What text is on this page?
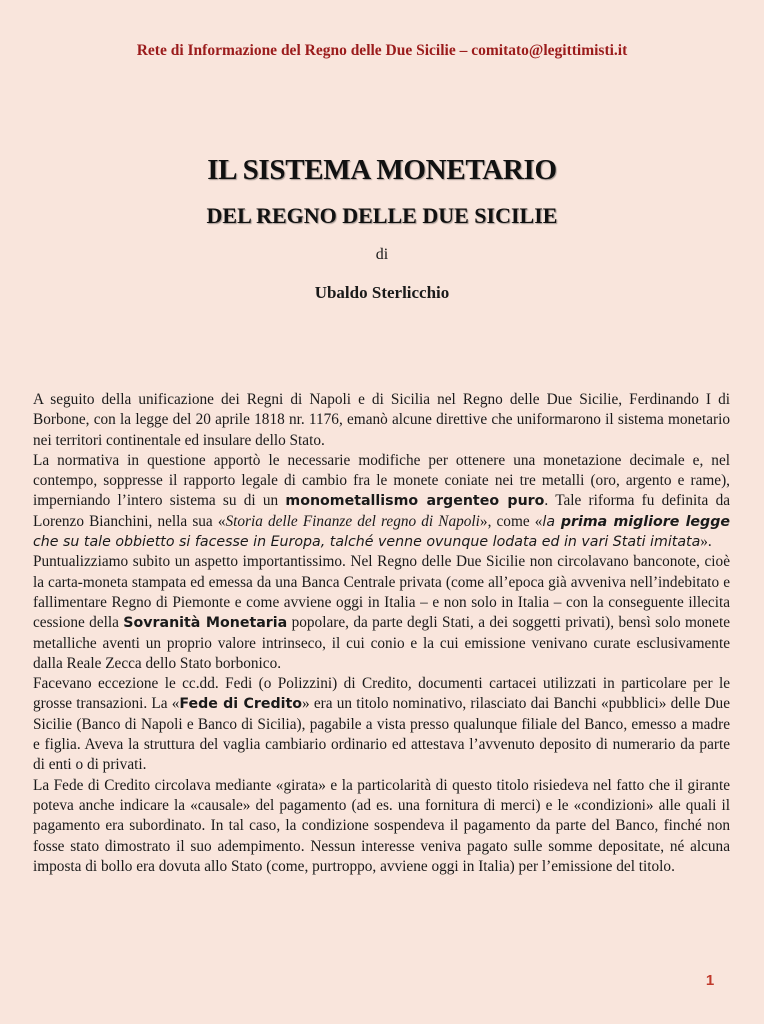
Rete di Informazione del Regno delle Due Sicilie – comitato@legittimisti.it
IL SISTEMA MONETARIO
DEL REGNO DELLE DUE SICILIE
di
Ubaldo Sterlicchio

A seguito della unificazione dei Regni di Napoli e di Sicilia nel Regno delle Due Sicilie, Ferdinando I di Borbone, con la legge del 20 aprile 1818 nr. 1176, emanò alcune direttive che uniformarono il sistema monetario nei territori continentale ed insulare dello Stato.

La normativa in questione apportò le necessarie modifiche per ottenere una monetazione decimale e, nel contempo, soppresse il rapporto legale di cambio fra le monete coniate nei tre metalli (oro, argento e rame), imperniando l’intero sistema su di un monometallismo argenteo puro. Tale riforma fu definita da Lorenzo Bianchini, nella sua «Storia delle Finanze del regno di Napoli», come «la prima migliore legge che su tale obbietto si facesse in Europa, talché venne ovunque lodata ed in vari Stati imitata».

Puntualizziamo subito un aspetto importantissimo. Nel Regno delle Due Sicilie non circolavano banconote, cioè la carta-moneta stampata ed emessa da una Banca Centrale privata (come all’epoca già avveniva nell’indebitato e fallimentare Regno di Piemonte e come avviene oggi in Italia – e non solo in Italia – con la conseguente illecita cessione della Sovranità Monetaria popolare, da parte degli Stati, a dei soggetti privati), bensì solo monete metalliche aventi un proprio valore intrinseco, il cui conio e la cui emissione venivano curate esclusivamente dalla Reale Zecca dello Stato borbonico.

Facevano eccezione le cc.dd. Fedi (o Polizzini) di Credito, documenti cartacei utilizzati in particolare per le grosse transazioni. La «Fede di Credito» era un titolo nominativo, rilasciato dai Banchi «pubblici» delle Due Sicilie (Banco di Napoli e Banco di Sicilia), pagabile a vista presso qualunque filiale del Banco, emesso a madre e figlia. Aveva la struttura del vaglia cambiario ordinario ed attestava l’avvenuto deposito di numerario da parte di enti o di privati.

La Fede di Credito circolava mediante «girata» e la particolarità di questo titolo risiedeva nel fatto che il girante poteva anche indicare la «causale» del pagamento (ad es. una fornitura di merci) e le «condizioni» alle quali il pagamento era subordinato. In tal caso, la condizione sospendeva il pagamento da parte del Banco, finché non fosse stato dimostrato il suo adempimento. Nessun interesse veniva pagato sulle somme depositate, né alcuna imposta di bollo era dovuta allo Stato (come, purtroppo, avviene oggi in Italia) per l’emissione del titolo.

1
